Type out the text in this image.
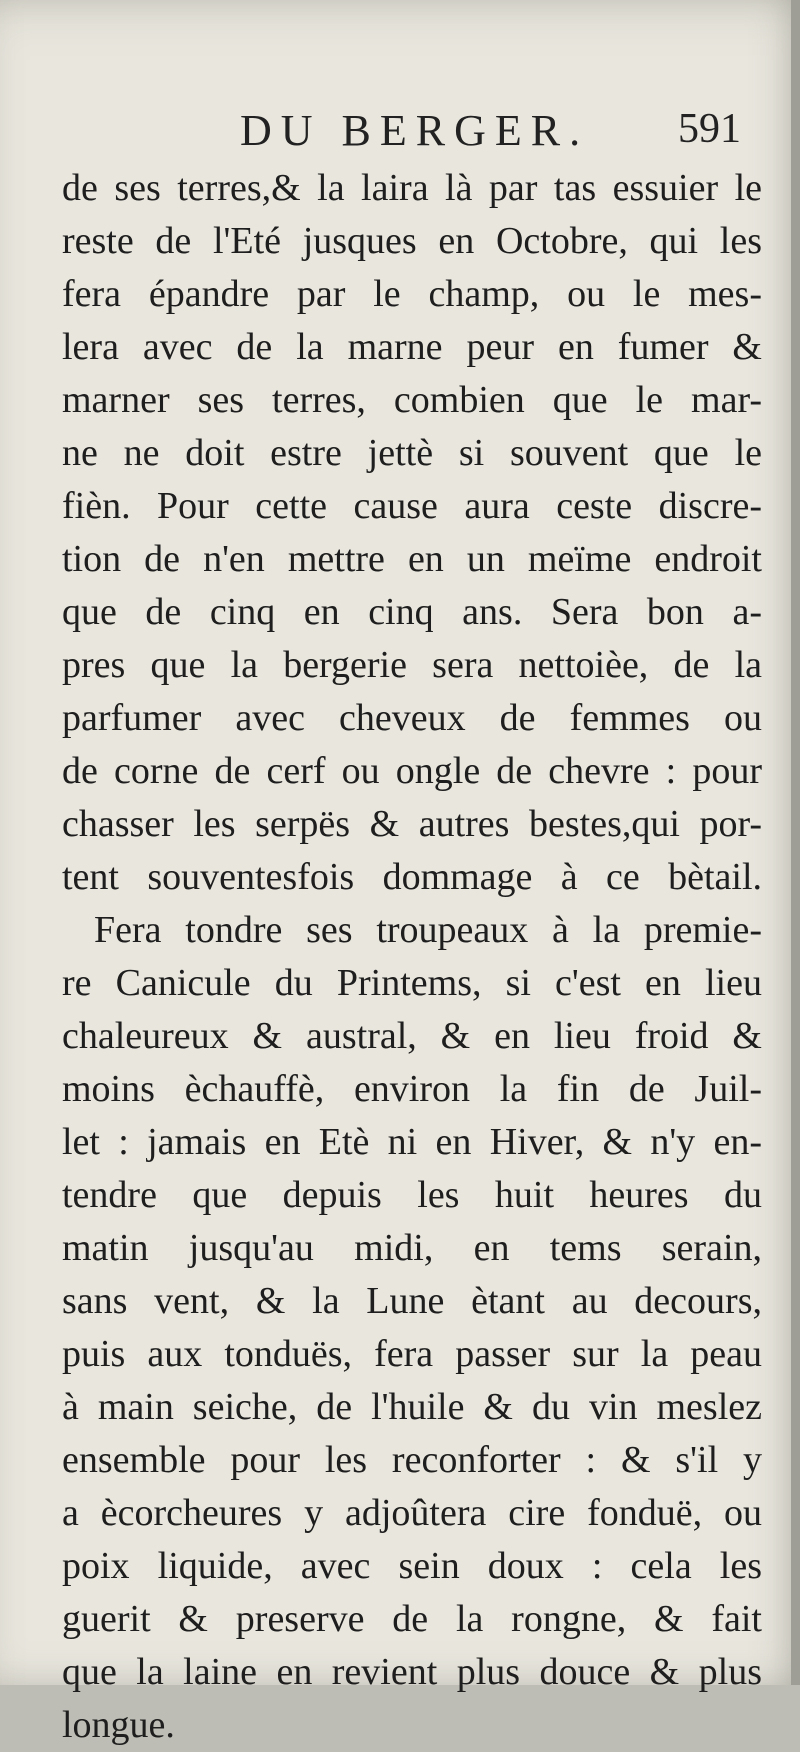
DU BERGER. 591
de ses terres,& la laira là par tas essuier le
reste de l'Eté jusques en Octobre, qui les
fera épandre par le champ, ou le mes-
lera avec de la marne peur en fumer &
marner ses terres, combien que le mar-
ne ne doit estre jettè si souvent que le
fièn. Pour cette cause aura ceste discre-
tion de n'en mettre en un meïme endroit
que de cinq en cinq ans. Sera bon a-
pres que la bergerie sera nettoièe, de la
parfumer avec cheveux de femmes ou
de corne de cerf ou ongle de chevre : pour
chasser les serpës & autres bestes,qui por-
tent souventesfois dommage à ce bètail.
Fera tondre ses troupeaux à la premie-
re Canicule du Printems, si c'est en lieu
chaleureux & austral, & en lieu froid &
moins èchauffè, environ la fin de Juil-
let : jamais en Etè ni en Hiver, & n'y en-
tendre que depuis les huit heures du
matin jusqu'au midi, en tems serain,
sans vent, & la Lune ètant au decours,
puis aux tonduës, fera passer sur la peau
à main seiche, de l'huile & du vin meslez
ensemble pour les reconforter : & s'il y
a ècorcheures y adjoûtera cire fonduë, ou
poix liquide, avec sein doux : cela les
guerit & preserve de la rongne, & fait
que la laine en revient plus douce & plus
longue.
